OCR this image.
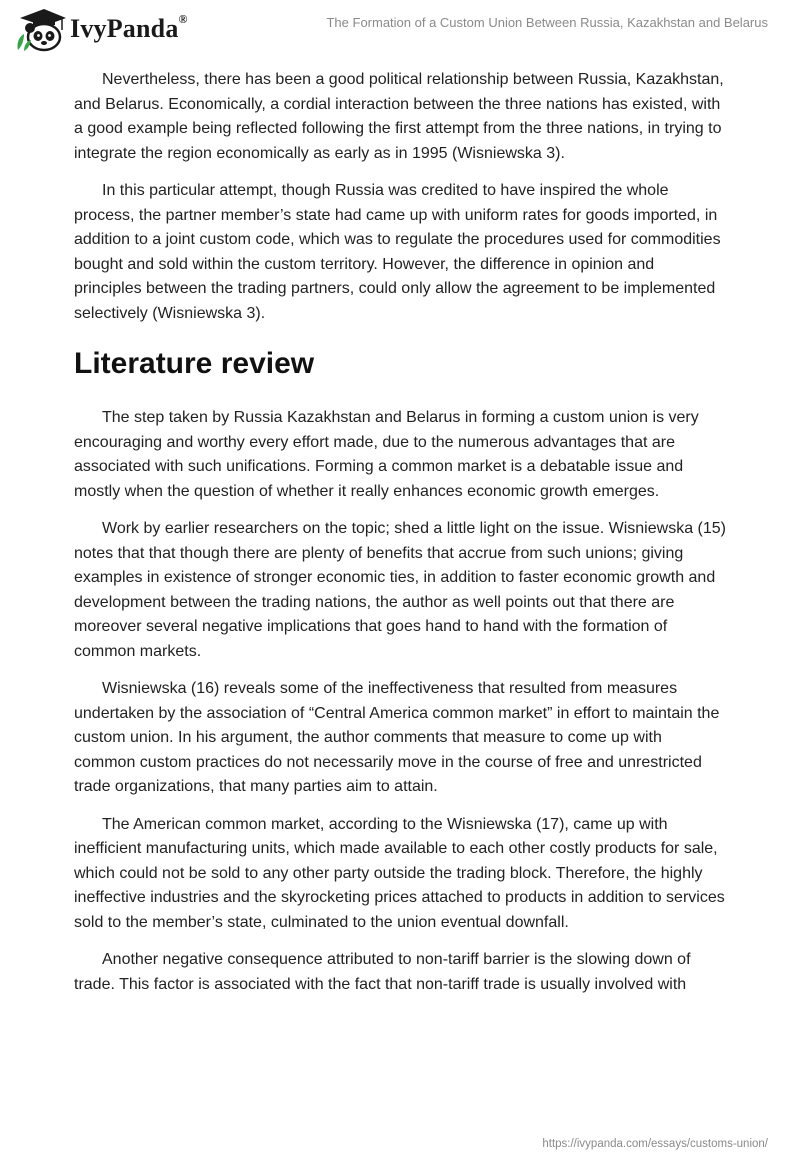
IvyPanda®	The Formation of a Custom Union Between Russia, Kazakhstan and Belarus

Nevertheless, there has been a good political relationship between Russia, Kazakhstan, and Belarus. Economically, a cordial interaction between the three nations has existed, with a good example being reflected following the first attempt from the three nations, in trying to integrate the region economically as early as in 1995 (Wisniewska 3).

In this particular attempt, though Russia was credited to have inspired the whole process, the partner member’s state had came up with uniform rates for goods imported, in addition to a joint custom code, which was to regulate the procedures used for commodities bought and sold within the custom territory. However, the difference in opinion and principles between the trading partners, could only allow the agreement to be implemented selectively (Wisniewska 3).

Literature review

The step taken by Russia Kazakhstan and Belarus in forming a custom union is very encouraging and worthy every effort made, due to the numerous advantages that are associated with such unifications. Forming a common market is a debatable issue and mostly when the question of whether it really enhances economic growth emerges.

Work by earlier researchers on the topic; shed a little light on the issue. Wisniewska (15) notes that that though there are plenty of benefits that accrue from such unions; giving examples in existence of stronger economic ties, in addition to faster economic growth and development between the trading nations, the author as well points out that there are moreover several negative implications that goes hand to hand with the formation of common markets.

Wisniewska (16) reveals some of the ineffectiveness that resulted from measures undertaken by the association of “Central America common market” in effort to maintain the custom union. In his argument, the author comments that measure to come up with common custom practices do not necessarily move in the course of free and unrestricted trade organizations, that many parties aim to attain.

The American common market, according to the Wisniewska (17), came up with inefficient manufacturing units, which made available to each other costly products for sale, which could not be sold to any other party outside the trading block. Therefore, the highly ineffective industries and the skyrocketing prices attached to products in addition to services sold to the member’s state, culminated to the union eventual downfall.

Another negative consequence attributed to non-tariff barrier is the slowing down of trade. This factor is associated with the fact that non-tariff trade is usually involved with

https://ivypanda.com/essays/customs-union/
